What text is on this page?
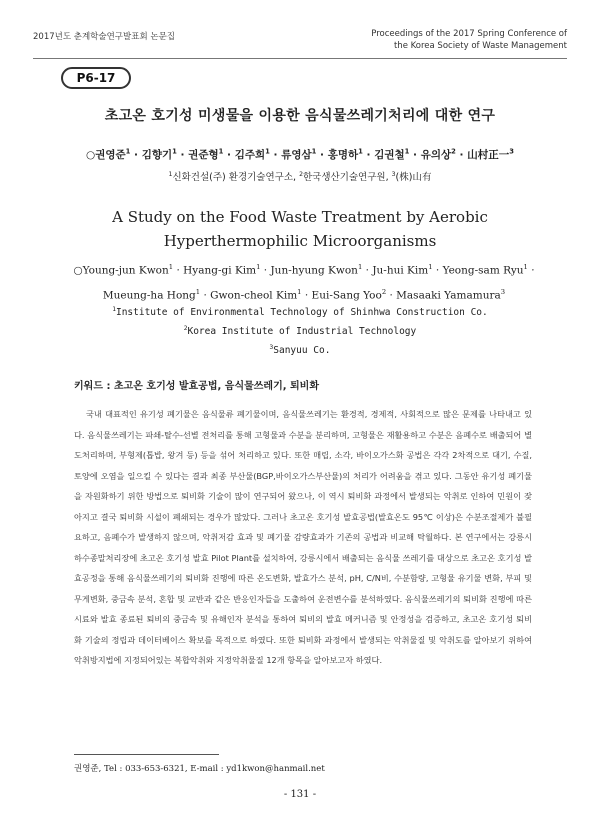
2017년도 춘계학술연구발표회 논문집	Proceedings of the 2017 Spring Conference of
the Korea Society of Waste Management
P6-17
초고온 호기성 미생물을 이용한 음식물쓰레기처리에 대한 연구
○권영준$^1$ · 김향기$^1$ · 권준형$^1$ · 김주희$^1$ · 류영삼$^1$ · 홍명하$^1$ · 김권철$^1$ · 유의상$^2$ · 山村正一$^3$
$^1$신화건설(주) 환경기술연구소, $^2$한국생산기술연구원, $^3$(株)山有
A Study on the Food Waste Treatment by Aerobic
Hyperthermophilic Microorganisms
○Young-jun Kwon$^1$ · Hyang-gi Kim$^1$ · Jun-hyung Kwon$^1$ · Ju-hui Kim$^1$ · Yeong-sam Ryu$^1$ ·
Mueung-ha Hong$^1$ · Gwon-cheol Kim$^1$ · Eui-Sang Yoo$^2$ · Masaaki Yamamura$^3$
$^1$Institute of Environmental Technology of Shinhwa Construction Co.
$^2$Korea Institute of Industrial Technology
$^3$Sanyuu Co.
키워드 : 초고온 호기성 발효공법, 음식물쓰레기, 퇴비화

국내 대표적인 유기성 폐기물은 음식물류 폐기물이며, 음식물쓰레기는 환경적, 경제적, 사회적으로 많은 문제를 나타내고 있다. 음식물쓰레기는 파쇄-탈수-선별 전처리를 통해 고형물과 수분을 분리하며, 고형물은 재활용하고 수분은 음폐수로 배출되어 별도처리하며, 부형제(톱밥, 왕겨 등) 등을 섞어 처리하고 있다. 또한 매립, 소각, 바이오가스화 공법은 각각 2차적으로 대기, 수질, 토양에 오염을 일으킬 수 있다는 결과 최종 부산물(BGP,바이오가스부산물)의 처리가 어려움을 겪고 있다. 그동안 유기성 폐기물을 자원화하기 위한 방법으로 퇴비화 기술이 많이 연구되어 왔으나, 이 역시 퇴비화 과정에서 발생되는 악취로 인하여 민원이 잦아지고 결국 퇴비화 시설이 폐쇄되는 경우가 많았다. 그러나 초고온 호기성 발효공법(발효온도 95℃ 이상)은 수분조절제가 불필요하고, 음폐수가 발생하지 않으며, 악취저감 효과 및 폐기물 감량효과가 기존의 공법과 비교해 탁월하다. 본 연구에서는 강릉시 하수종말처리장에 초고온 호기성 발효 Pilot Plant를 설치하여, 강릉시에서 배출되는 음식물 쓰레기를 대상으로 초고온 호기성 발효공정을 통해 음식물쓰레기의 퇴비화 진행에 따른 온도변화, 발효가스 분석, pH, C/N비, 수분함량, 고형물 유기물 변화, 부피 및 무게변화, 중금속 분석, 혼합 및 교반과 같은 반응인자들을 도출하여 운전변수를 분석하였다. 음식물쓰레기의 퇴비화 진행에 따른 시료와 발효 종료된 퇴비의 중금속 및 유해인자 분석을 통하여 퇴비의 발효 메커니즘 및 안정성을 검증하고, 초고온 호기성 퇴비화 기술의 정립과 데이터베이스 확보를 목적으로 하였다. 또한 퇴비화 과정에서 발생되는 악취물질 및 악취도를 알아보기 위하여 악취방지법에 지정되어있는 복합악취와 지정악취물질 12개 항목을 알아보고자 하였다.

권영준, Tel : 033-653-6321, E-mail : yd1kwon@hanmail.net
- 131 -
